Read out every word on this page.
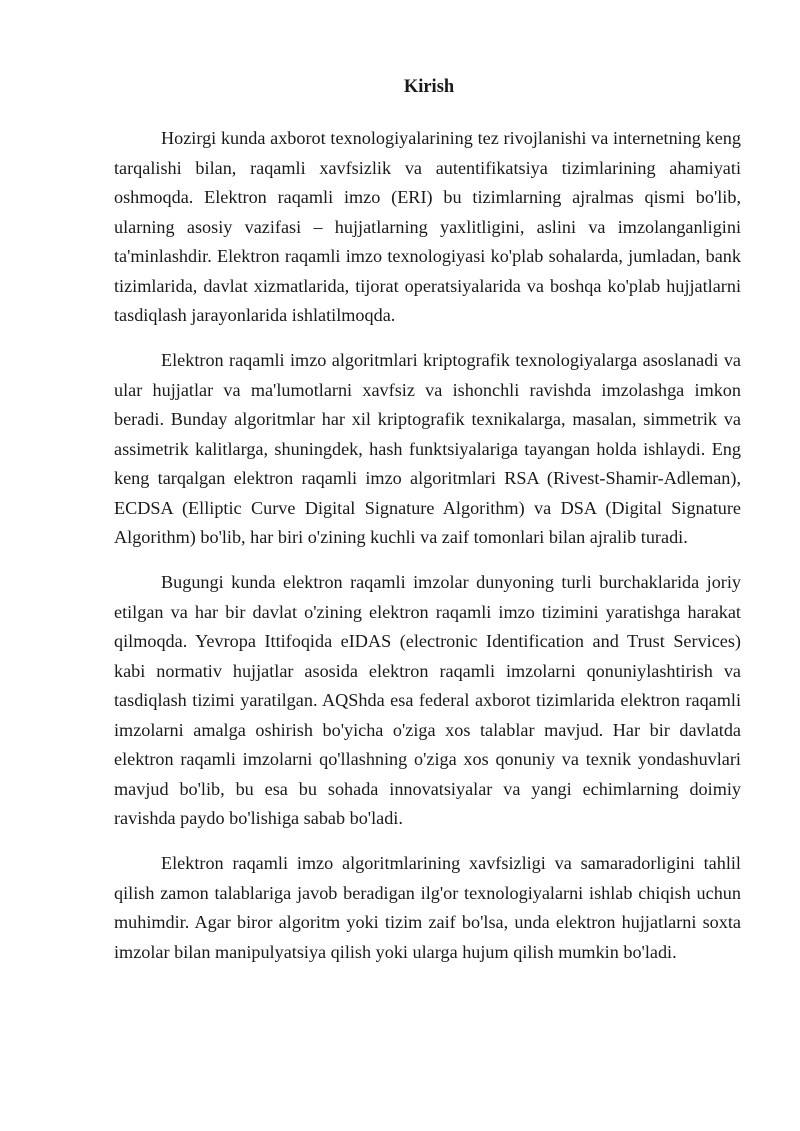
Kirish

Hozirgi kunda axborot texnologiyalarining tez rivojlanishi va internetning keng tarqalishi bilan, raqamli xavfsizlik va autentifikatsiya tizimlarining ahamiyati oshmoqda. Elektron raqamli imzo (ERI) bu tizimlarning ajralmas qismi bo'lib, ularning asosiy vazifasi – hujjatlarning yaxlitligini, aslini va imzolanganligini ta'minlashdir. Elektron raqamli imzo texnologiyasi ko'plab sohalarda, jumladan, bank tizimlarida, davlat xizmatlarida, tijorat operatsiyalarida va boshqa ko'plab hujjatlarni tasdiqlash jarayonlarida ishlatilmoqda.

Elektron raqamli imzo algoritmlari kriptografik texnologiyalarga asoslanadi va ular hujjatlar va ma'lumotlarni xavfsiz va ishonchli ravishda imzolashga imkon beradi. Bunday algoritmlar har xil kriptografik texnikalarga, masalan, simmetrik va assimetrik kalitlarga, shuningdek, hash funktsiyalariga tayangan holda ishlaydi. Eng keng tarqalgan elektron raqamli imzo algoritmlari RSA (Rivest-Shamir-Adleman), ECDSA (Elliptic Curve Digital Signature Algorithm) va DSA (Digital Signature Algorithm) bo'lib, har biri o'zining kuchli va zaif tomonlari bilan ajralib turadi.

Bugungi kunda elektron raqamli imzolar dunyoning turli burchaklarida joriy etilgan va har bir davlat o'zining elektron raqamli imzo tizimini yaratishga harakat qilmoqda. Yevropa Ittifoqida eIDAS (electronic Identification and Trust Services) kabi normativ hujjatlar asosida elektron raqamli imzolarni qonuniylashtirish va tasdiqlash tizimi yaratilgan. AQShda esa federal axborot tizimlarida elektron raqamli imzolarni amalga oshirish bo'yicha o'ziga xos talablar mavjud. Har bir davlatda elektron raqamli imzolarni qo'llashning o'ziga xos qonuniy va texnik yondashuvlari mavjud bo'lib, bu esa bu sohada innovatsiyalar va yangi echimlarning doimiy ravishda paydo bo'lishiga sabab bo'ladi.

Elektron raqamli imzo algoritmlarining xavfsizligi va samaradorligini tahlil qilish zamon talablariga javob beradigan ilg'or texnologiyalarni ishlab chiqish uchun muhimdir. Agar biror algoritm yoki tizim zaif bo'lsa, unda elektron hujjatlarni soxta imzolar bilan manipulyatsiya qilish yoki ularga hujum qilish mumkin bo'ladi.
